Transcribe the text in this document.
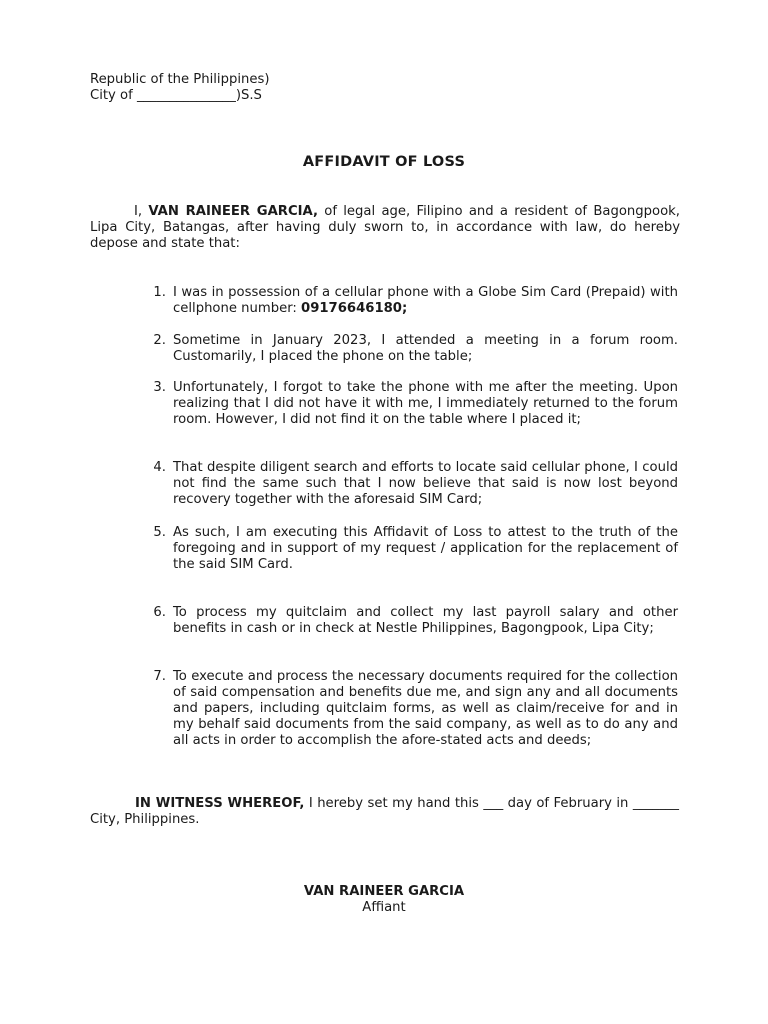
Republic of the Philippines)
City of _______________)S.S
AFFIDAVIT OF LOSS
I, VAN RAINEER GARCIA, of legal age, Filipino and a resident of Bagongpook, Lipa City, Batangas, after having duly sworn to, in accordance with law, do hereby depose and state that:
1. I was in possession of a cellular phone with a Globe Sim Card (Prepaid) with cellphone number: 09176646180;
2. Sometime in January 2023, I attended a meeting in a forum room. Customarily, I placed the phone on the table;
3. Unfortunately, I forgot to take the phone with me after the meeting. Upon realizing that I did not have it with me, I immediately returned to the forum room. However, I did not find it on the table where I placed it;
4. That despite diligent search and efforts to locate said cellular phone, I could not find the same such that I now believe that said is now lost beyond recovery together with the aforesaid SIM Card;
5. As such, I am executing this Affidavit of Loss to attest to the truth of the foregoing and in support of my request / application for the replacement of the said SIM Card.
6. To process my quitclaim and collect my last payroll salary and other benefits in cash or in check at Nestle Philippines, Bagongpook, Lipa City;
7. To execute and process the necessary documents required for the collection of said compensation and benefits due me, and sign any and all documents and papers, including quitclaim forms, as well as claim/receive for and in my behalf said documents from the said company, as well as to do any and all acts in order to accomplish the afore-stated acts and deeds;
IN WITNESS WHEREOF, I hereby set my hand this ___ day of February in _______ City, Philippines.
VAN RAINEER GARCIA
Affiant
